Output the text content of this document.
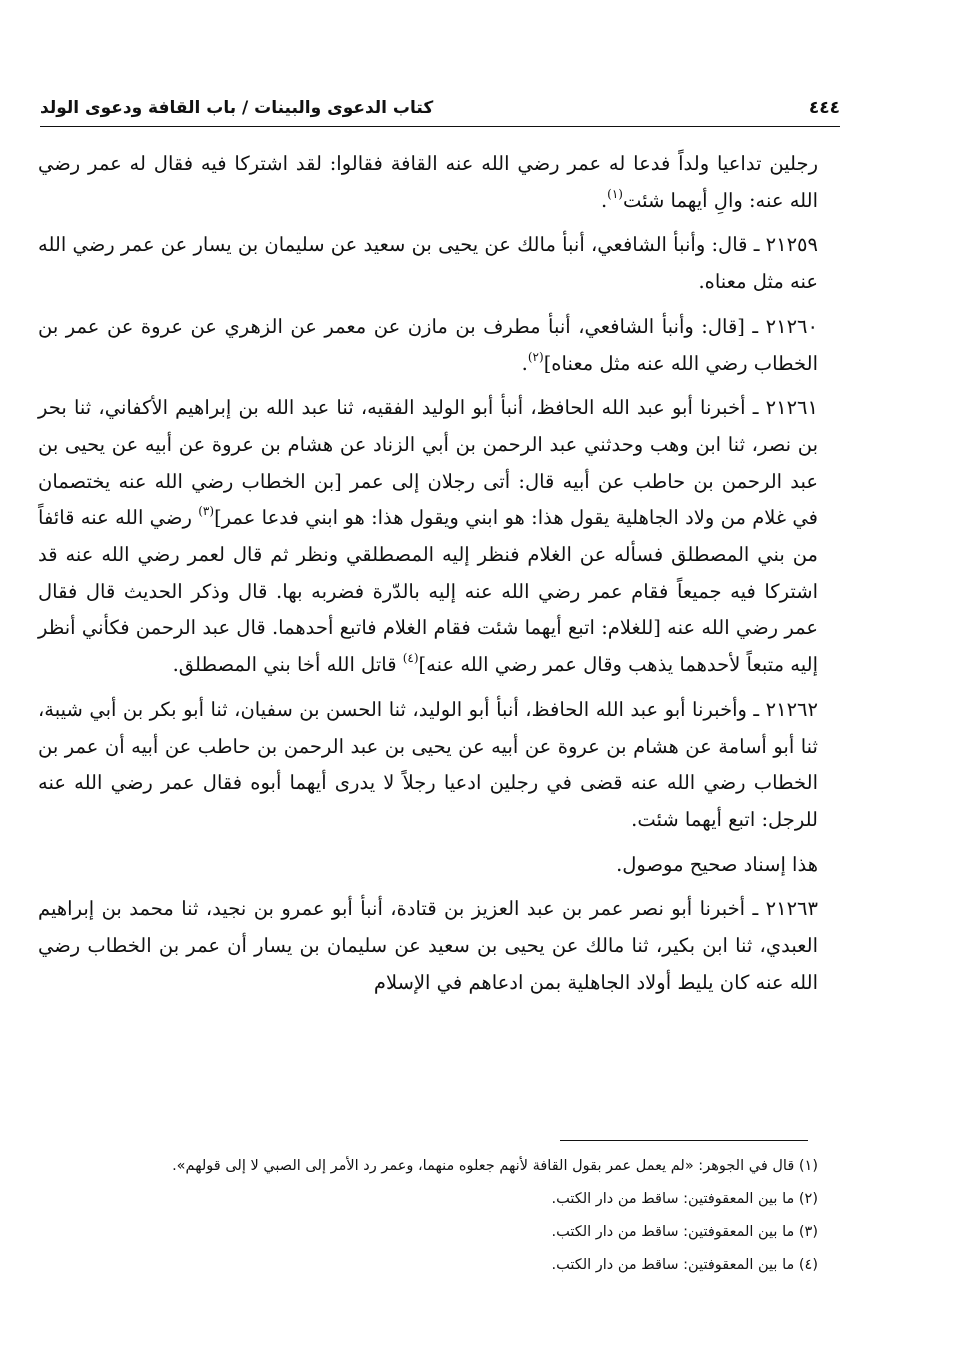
٤٤٤
كتاب الدعوى والبينات / باب القافة ودعوى الولد

رجلين تداعيا ولداً فدعا له عمر رضي الله عنه القافة فقالوا: لقد اشتركا فيه فقال له عمر رضي الله عنه: والِ أيهما شئت$^{(١)}$.

٢١٢٥٩ ـ قال: وأنبأ الشافعي، أنبأ مالك عن يحيى بن سعيد عن سليمان بن يسار عن عمر رضي الله عنه مثل معناه.

٢١٢٦٠ ـ [قال: وأنبأ الشافعي، أنبأ مطرف بن مازن عن معمر عن الزهري عن عروة عن عمر بن الخطاب رضي الله عنه مثل معناه]$^{(٢)}$.

٢١٢٦١ ـ أخبرنا أبو عبد الله الحافظ، أنبأ أبو الوليد الفقيه، ثنا عبد الله بن إبراهيم الأكفاني، ثنا بحر بن نصر، ثنا ابن وهب وحدثني عبد الرحمن بن أبي الزناد عن هشام بن عروة عن أبيه عن يحيى بن عبد الرحمن بن حاطب عن أبيه قال: أتى رجلان إلى عمر [بن الخطاب رضي الله عنه يختصمان في غلام من ولاد الجاهلية يقول هذا: هو ابني ويقول هذا: هو ابني فدعا عمر]$^{(٣)}$ رضي الله عنه قائفاً من بني المصطلق فسأله عن الغلام فنظر إليه المصطلقي ونظر ثم قال لعمر رضي الله عنه قد اشتركا فيه جميعاً فقام عمر رضي الله عنه إليه بالدّرة فضربه بها. قال وذكر الحديث قال فقال عمر رضي الله عنه [للغلام: اتبع أيهما شئت فقام الغلام فاتبع أحدهما. قال عبد الرحمن فكأني أنظر إليه متبعاً لأحدهما يذهب وقال عمر رضي الله عنه]$^{(٤)}$ قاتل الله أخا بني المصطلق.

٢١٢٦٢ ـ وأخبرنا أبو عبد الله الحافظ، أنبأ أبو الوليد، ثنا الحسن بن سفيان، ثنا أبو بكر بن أبي شيبة، ثنا أبو أسامة عن هشام بن عروة عن أبيه عن يحيى بن عبد الرحمن بن حاطب عن أبيه أن عمر بن الخطاب رضي الله عنه قضى في رجلين ادعيا رجلاً لا يدرى أيهما أبوه فقال عمر رضي الله عنه للرجل: اتبع أيهما شئت.

هذا إسناد صحيح موصول.

٢١٢٦٣ ـ أخبرنا أبو نصر عمر بن عبد العزيز بن قتادة، أنبأ أبو عمرو بن نجيد، ثنا محمد بن إبراهيم العبدي، ثنا ابن بكير، ثنا مالك عن يحيى بن سعيد عن سليمان بن يسار أن عمر بن الخطاب رضي الله عنه كان يليط أولاد الجاهلية بمن ادعاهم في الإسلام

(١) قال في الجوهر: «لم يعمل عمر بقول القافة لأنهم جعلوه منهما، وعمر رد الأمر إلى الصبي لا إلى قولهم».

(٢) ما بين المعقوفتين: ساقط من دار الكتب.

(٣) ما بين المعقوفتين: ساقط من دار الكتب.

(٤) ما بين المعقوفتين: ساقط من دار الكتب.
